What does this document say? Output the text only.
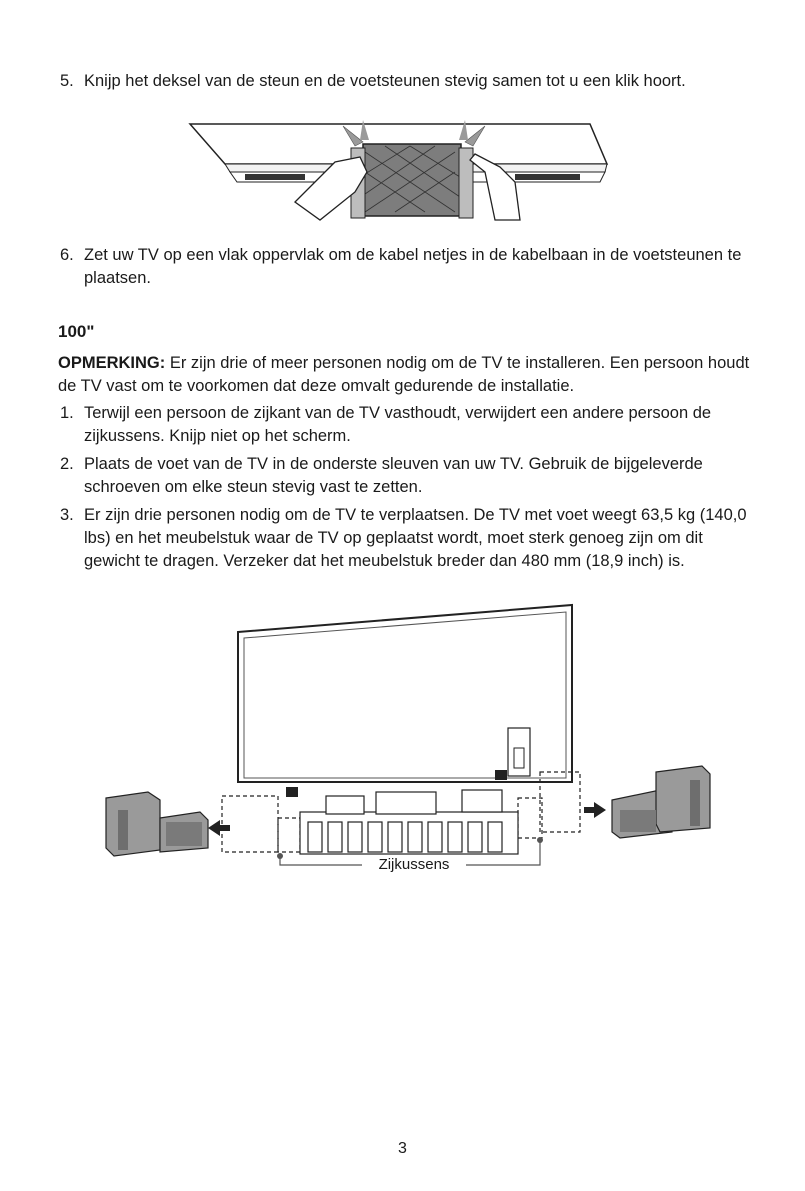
5. Knijp het deksel van de steun en de voetsteunen stevig samen tot u een klik hoort.
6. Zet uw TV op een vlak oppervlak om de kabel netjes in de kabelbaan in de voetsteunen te plaatsen.
100"
OPMERKING: Er zijn drie of meer personen nodig om de TV te installeren. Een persoon houdt de TV vast om te voorkomen dat deze omvalt gedurende de installatie.
1. Terwijl een persoon de zijkant van de TV vasthoudt, verwijdert een andere persoon de zijkussens. Knijp niet op het scherm.
2. Plaats de voet van de TV in de onderste sleuven van uw TV. Gebruik de bijgeleverde schroeven om elke steun stevig vast te zetten.
3. Er zijn drie personen nodig om de TV te verplaatsen. De TV met voet weegt 63,5 kg (140,0 lbs) en het meubelstuk waar de TV op geplaatst wordt, moet sterk genoeg zijn om dit gewicht te dragen. Verzeker dat het meubelstuk breder dan 480 mm (18,9 inch) is.
Zijkussens
3
